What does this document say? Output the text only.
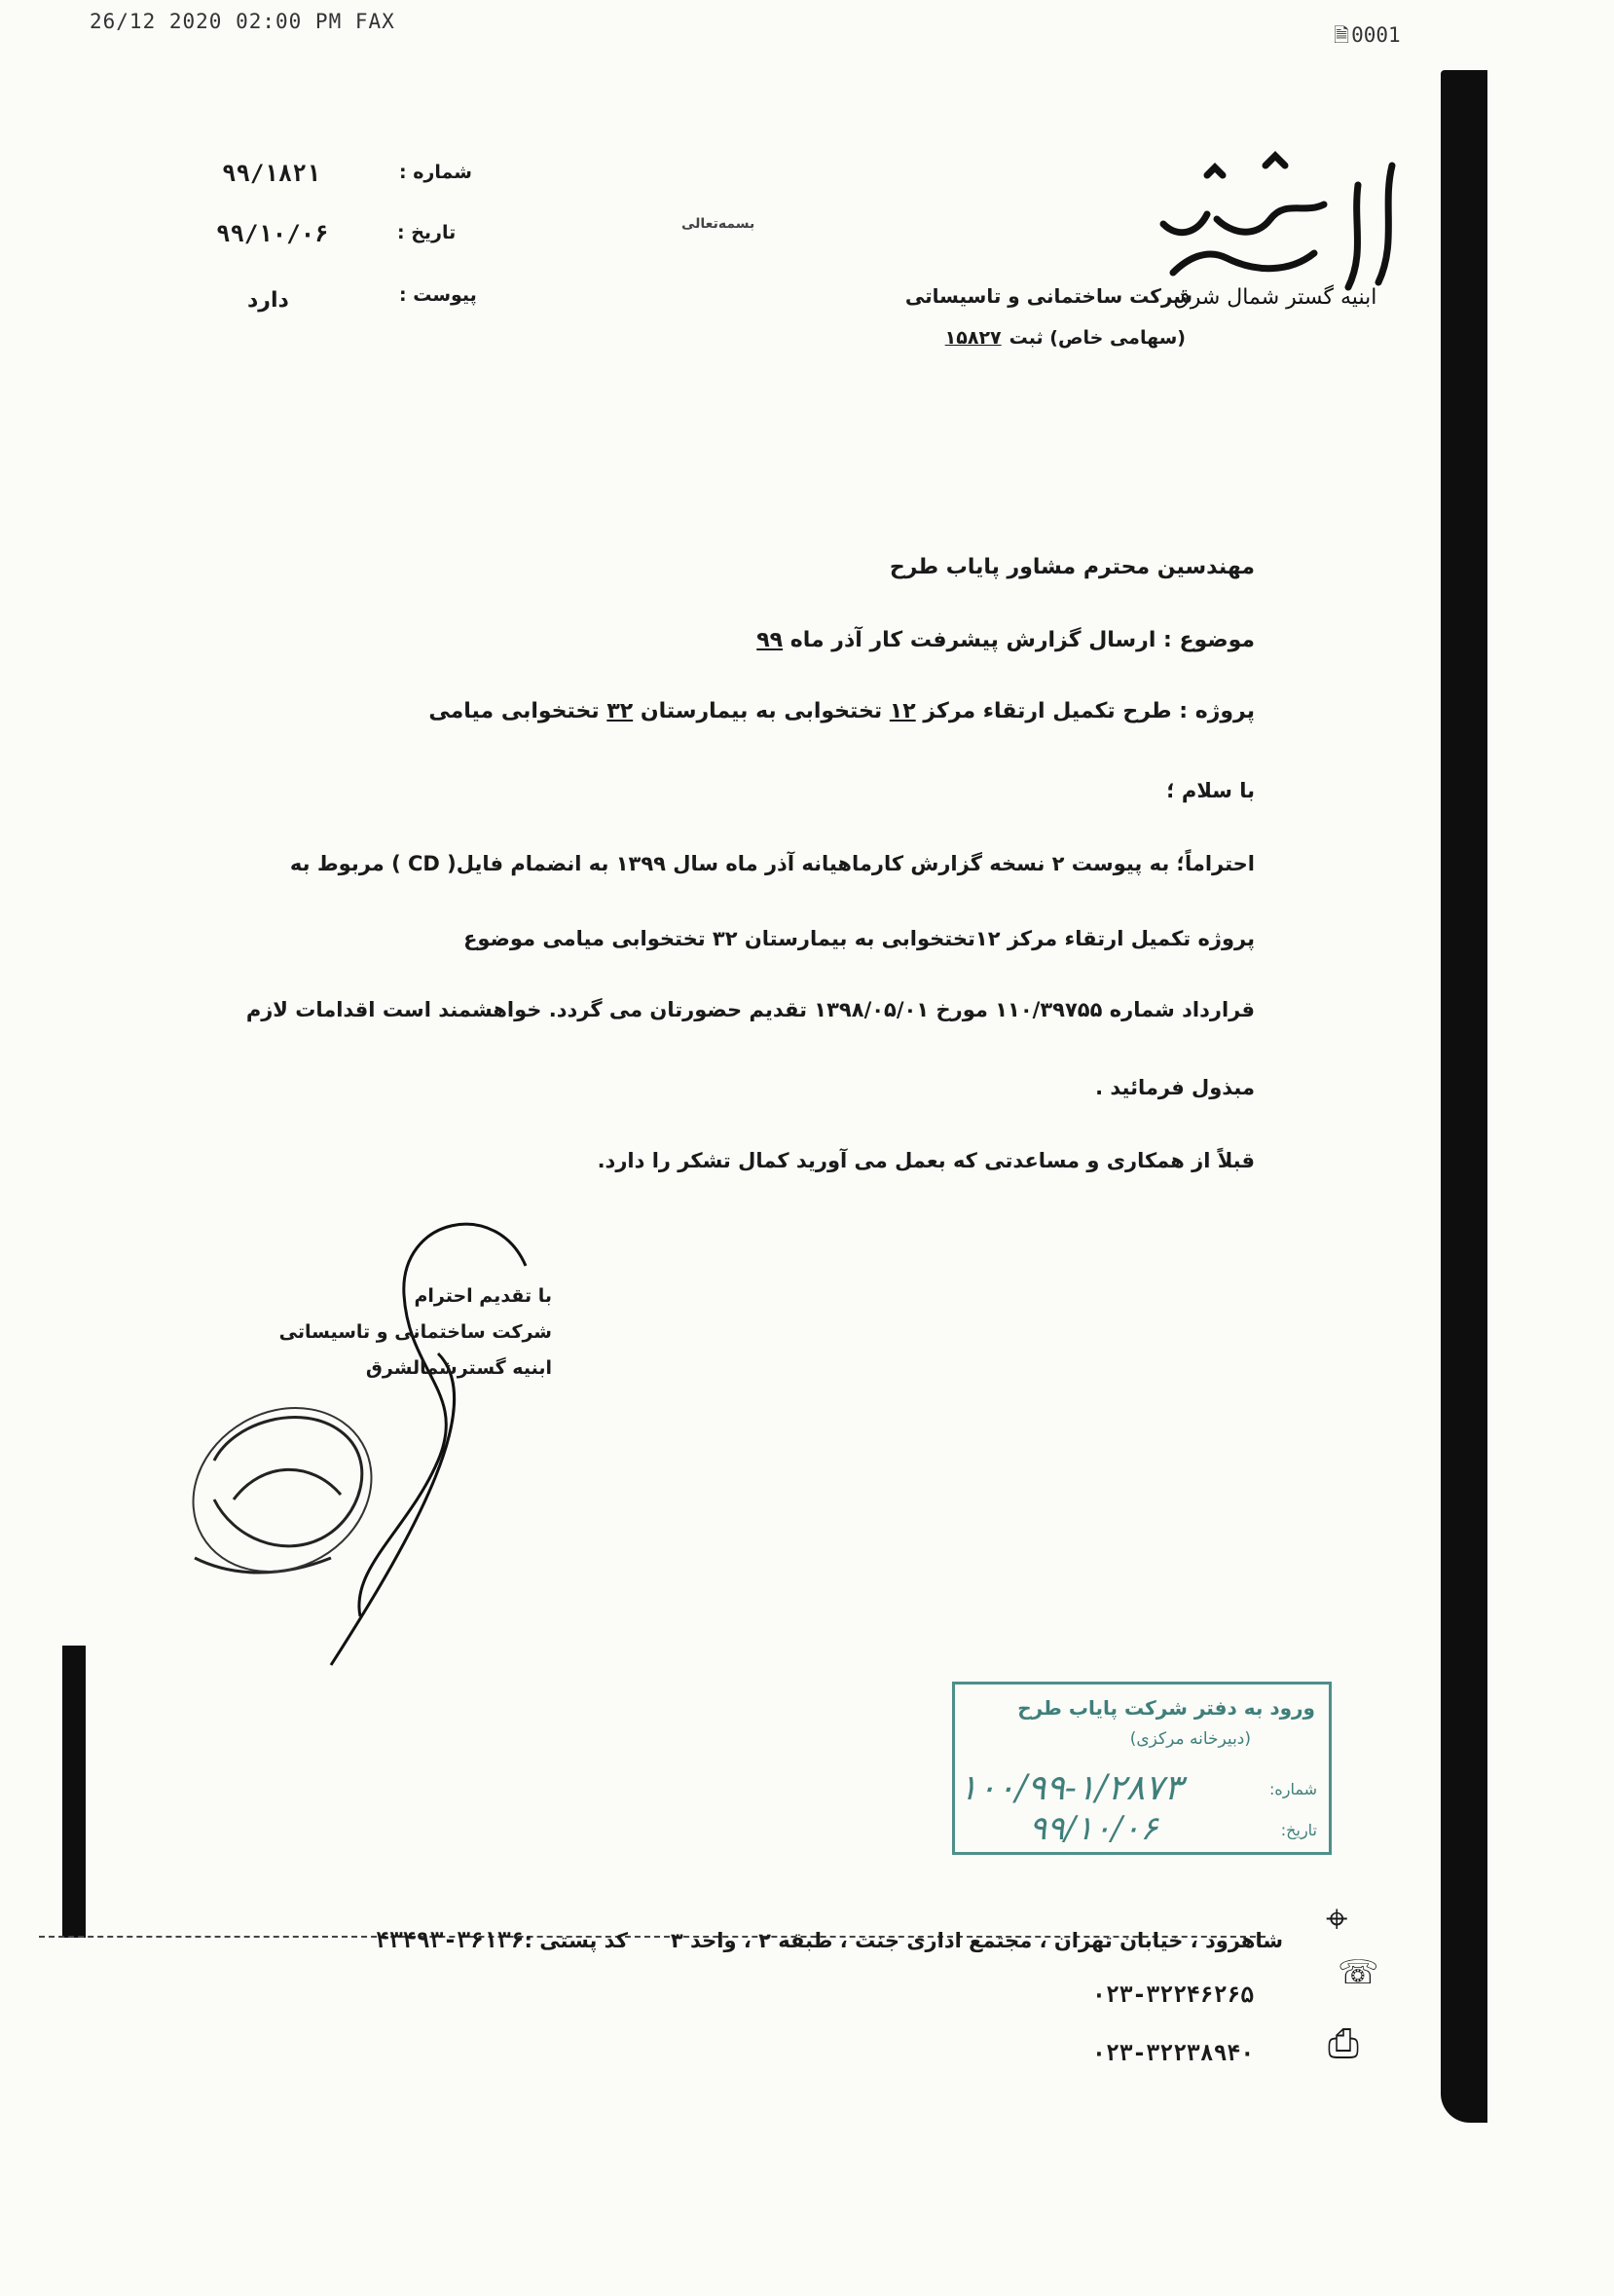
26/12 2020 02:00 PM FAX
🗎0001
ابنیه گستر شمال شرق
شرکت ساختمانی و تاسیساتی
(سهامی خاص) ثبت۱۵۸۲۷
بسمه‌تعالی
شماره :
۹۹/۱۸۲۱
تاریخ :
۹۹/۱۰/۰۶
پیوست :
دارد
مهندسین محترم مشاور پایاب طرح
موضوع : ارسال گزارش پیشرفت کار آذر ماه ۹۹
پروژه : طرح تکمیل ارتقاء مرکز ۱۲ تختخوابی به بیمارستان ۳۲ تختخوابی میامی
با سلام ؛
احتراماً؛ به پیوست ۲ نسخه گزارش کارماهیانه آذر ماه سال ۱۳۹۹ به انضمام فایل( CD ) مربوط به
پروژه تکمیل ارتقاء مرکز ۱۲تختخوابی به بیمارستان ۳۲ تختخوابی میامی موضوع
قرارداد شماره ۱۱۰/۳۹۷۵۵ مورخ ۱۳۹۸/۰۵/۰۱ تقدیم حضورتان می گردد. خواهشمند است اقدامات لازم
مبذول فرمائید .
قبلاً از همکاری و مساعدتی که بعمل می آورید کمال تشکر را دارد.
با تقدیم احترام
شرکت ساختمانی و تاسیساتی
ابنیه گسترشمالشرق
ورود به دفتر شرکت پایاب طرح
(دبیرخانه مرکزی)
شماره:
۱۰۰/۹۹-۱/۲۸۷۳
تاریخ:
۹۹/۱۰/۰۶
شاهرود ، خیابان تهران ، مجتمع اداری جنت ، طبقه ۲ ، واحد ۳      کد پستی :۳۶۱۳۶-۴۳۴۹۳	⌖
☏
⎙
۰۲۳-۳۲۲۴۶۲۶۵
۰۲۳-۳۲۲۳۸۹۴۰
